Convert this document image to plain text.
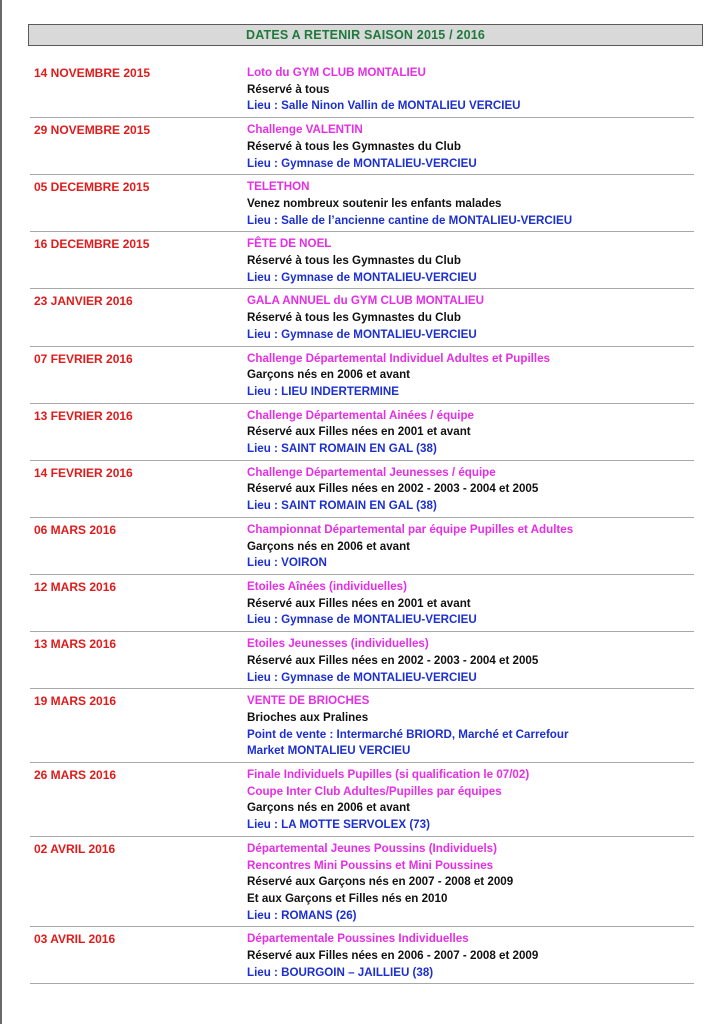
DATES A RETENIR SAISON 2015 / 2016
14 NOVEMBRE 2015	Loto du GYM CLUB MONTALIEU
Réservé à tous
Lieu : Salle Ninon Vallin de MONTALIEU VERCIEU
29 NOVEMBRE 2015	Challenge VALENTIN
Réservé à tous les Gymnastes du Club
Lieu : Gymnase de MONTALIEU-VERCIEU
05 DECEMBRE 2015	TELETHON
Venez nombreux soutenir les enfants malades
Lieu : Salle de l’ancienne cantine de MONTALIEU-VERCIEU
16 DECEMBRE 2015	FÊTE DE NOEL
Réservé à tous les Gymnastes du Club
Lieu : Gymnase de MONTALIEU-VERCIEU
23 JANVIER 2016	GALA ANNUEL du GYM CLUB MONTALIEU
Réservé à tous les Gymnastes du Club
Lieu : Gymnase de MONTALIEU-VERCIEU
07 FEVRIER 2016	Challenge Départemental Individuel Adultes et Pupilles
Garçons nés en 2006 et avant
Lieu : LIEU INDERTERMINE
13 FEVRIER 2016	Challenge Départemental Ainées / équipe
Réservé aux Filles nées en 2001 et avant
Lieu : SAINT ROMAIN EN GAL (38)
14 FEVRIER 2016	Challenge Départemental Jeunesses / équipe
Réservé aux Filles nées en 2002 - 2003 - 2004 et 2005
Lieu : SAINT ROMAIN EN GAL (38)
06 MARS 2016	Championnat Départemental par équipe Pupilles et Adultes
Garçons nés en 2006 et avant
Lieu : VOIRON
12 MARS 2016	Etoiles Aînées (individuelles)
Réservé aux Filles nées en 2001 et avant
Lieu : Gymnase de MONTALIEU-VERCIEU
13 MARS 2016	Etoiles Jeunesses (individuelles)
Réservé aux Filles nées en 2002 - 2003 - 2004 et 2005
Lieu : Gymnase de MONTALIEU-VERCIEU
19 MARS 2016	VENTE DE BRIOCHES
Brioches aux Pralines
Point de vente : Intermarché BRIORD, Marché et Carrefour
Market MONTALIEU VERCIEU
26 MARS 2016	Finale Individuels Pupilles (si qualification le 07/02)
Coupe Inter Club Adultes/Pupilles par équipes
Garçons nés en 2006 et avant
Lieu : LA MOTTE SERVOLEX (73)
02 AVRIL 2016	Départemental Jeunes Poussins (Individuels)
Rencontres Mini Poussins et Mini Poussines
Réservé aux Garçons nés en 2007 - 2008 et 2009
Et aux Garçons et Filles nés en 2010
Lieu : ROMANS (26)
03 AVRIL 2016	Départementale Poussines Individuelles
Réservé aux Filles nées en 2006 - 2007 - 2008 et 2009
Lieu : BOURGOIN – JAILLIEU (38)
